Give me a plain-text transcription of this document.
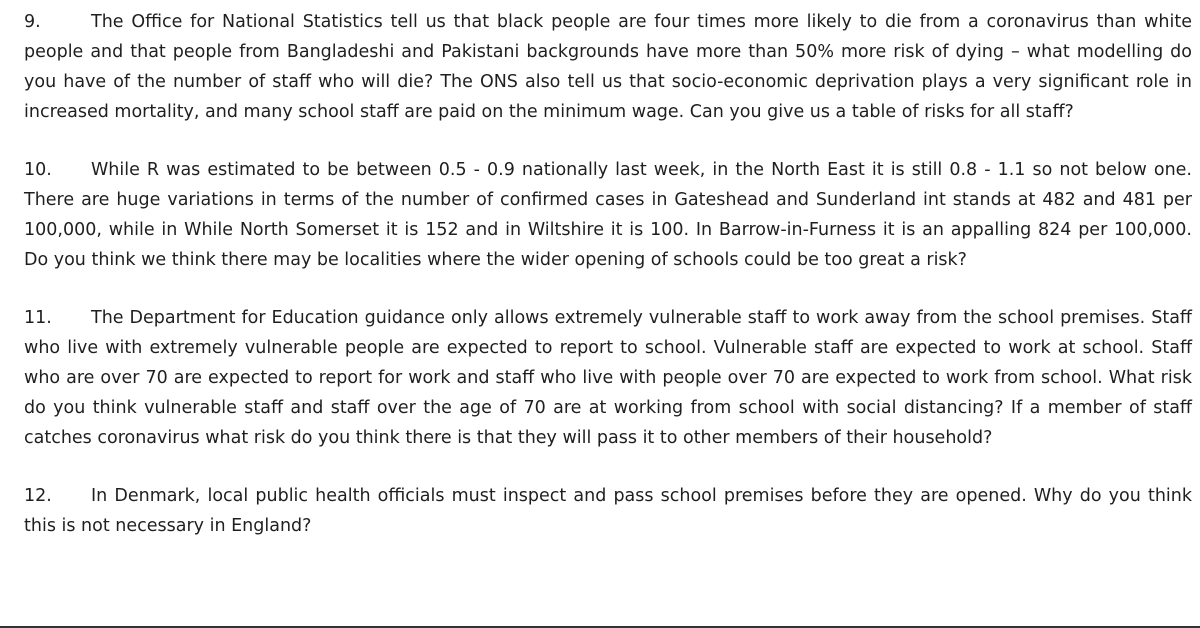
9.	The Office for National Statistics tell us that black people are four times more likely to die from a coronavirus than white people and that people from Bangladeshi and Pakistani backgrounds have more than 50% more risk of dying – what modelling do you have of the number of staff who will die? The ONS also tell us that socio-economic deprivation plays a very significant role in increased mortality, and many school staff are paid on the minimum wage. Can you give us a table of risks for all staff?

10. While R was estimated to be between 0.5 - 0.9 nationally last week, in the North East it is still 0.8 - 1.1 so not below one. There are huge variations in terms of the number of confirmed cases in Gateshead and Sunderland int stands at 482 and 481 per 100,000, while in While North Somerset it is 152 and in Wiltshire it is 100. In Barrow-in-Furness it is an appalling 824 per 100,000. Do you think we think there may be localities where the wider opening of schools could be too great a risk?

11. The Department for Education guidance only allows extremely vulnerable staff to work away from the school premises. Staff who live with extremely vulnerable people are expected to report to school. Vulnerable staff are expected to work at school. Staff who are over 70 are expected to report for work and staff who live with people over 70 are expected to work from school. What risk do you think vulnerable staff and staff over the age of 70 are at working from school with social distancing? If a member of staff catches coronavirus what risk do you think there is that they will pass it to other members of their household?

12. In Denmark, local public health officials must inspect and pass school premises before they are opened. Why do you think this is not necessary in England?
